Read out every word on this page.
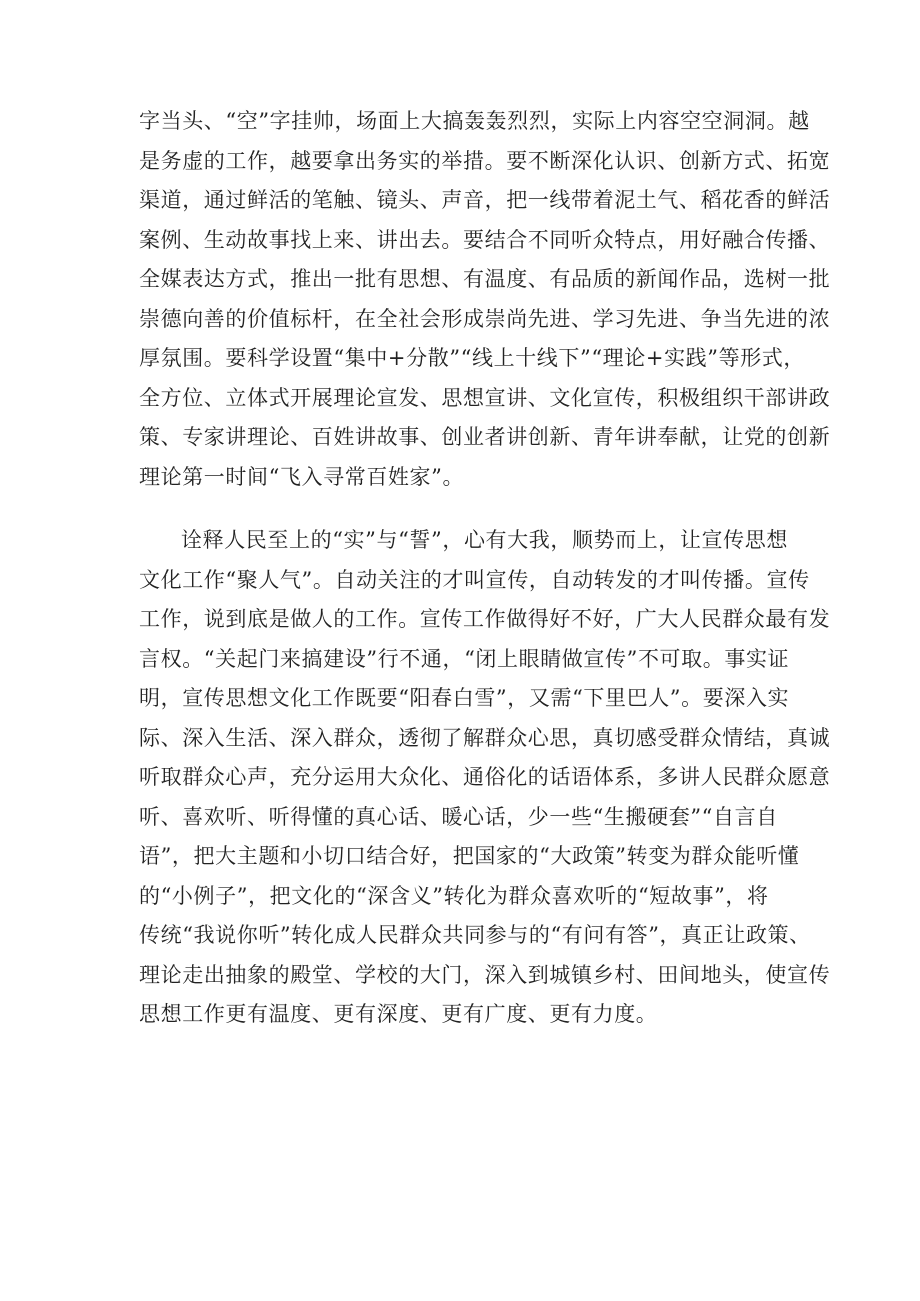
字当头、“空”字挂帅，场面上大搞轰轰烈烈，实际上内容空空洞洞。越
是务虚的工作，越要拿出务实的举措。要不断深化认识、创新方式、拓宽
渠道，通过鲜活的笔触、镜头、声音，把一线带着泥土气、稻花香的鲜活
案例、生动故事找上来、讲出去。要结合不同听众特点，用好融合传播、
全媒表达方式，推出一批有思想、有温度、有品质的新闻作品，选树一批
崇德向善的价值标杆，在全社会形成崇尚先进、学习先进、争当先进的浓
厚氛围。要科学设置“集中+分散”“线上十线下”“理论+实践”等形式，
全方位、立体式开展理论宣发、思想宣讲、文化宣传，积极组织干部讲政
策、专家讲理论、百姓讲故事、创业者讲创新、青年讲奉献，让党的创新
理论第一时间“飞入寻常百姓家”。
诠释人民至上的“实”与“誓”，心有大我，顺势而上，让宣传思想
文化工作“聚人气”。自动关注的才叫宣传，自动转发的才叫传播。宣传
工作，说到底是做人的工作。宣传工作做得好不好，广大人民群众最有发
言权。“关起门来搞建设”行不通，“闭上眼睛做宣传”不可取。事实证
明，宣传思想文化工作既要“阳春白雪”，又需“下里巴人”。要深入实
际、深入生活、深入群众，透彻了解群众心思，真切感受群众情结，真诚
听取群众心声，充分运用大众化、通俗化的话语体系，多讲人民群众愿意
听、喜欢听、听得懂的真心话、暖心话，少一些“生搬硬套”“自言自
语”，把大主题和小切口结合好，把国家的“大政策”转变为群众能听懂
的“小例子”，把文化的“深含义”转化为群众喜欢听的“短故事”，将
传统“我说你听”转化成人民群众共同参与的“有问有答”，真正让政策、
理论走出抽象的殿堂、学校的大门，深入到城镇乡村、田间地头，使宣传
思想工作更有温度、更有深度、更有广度、更有力度。
